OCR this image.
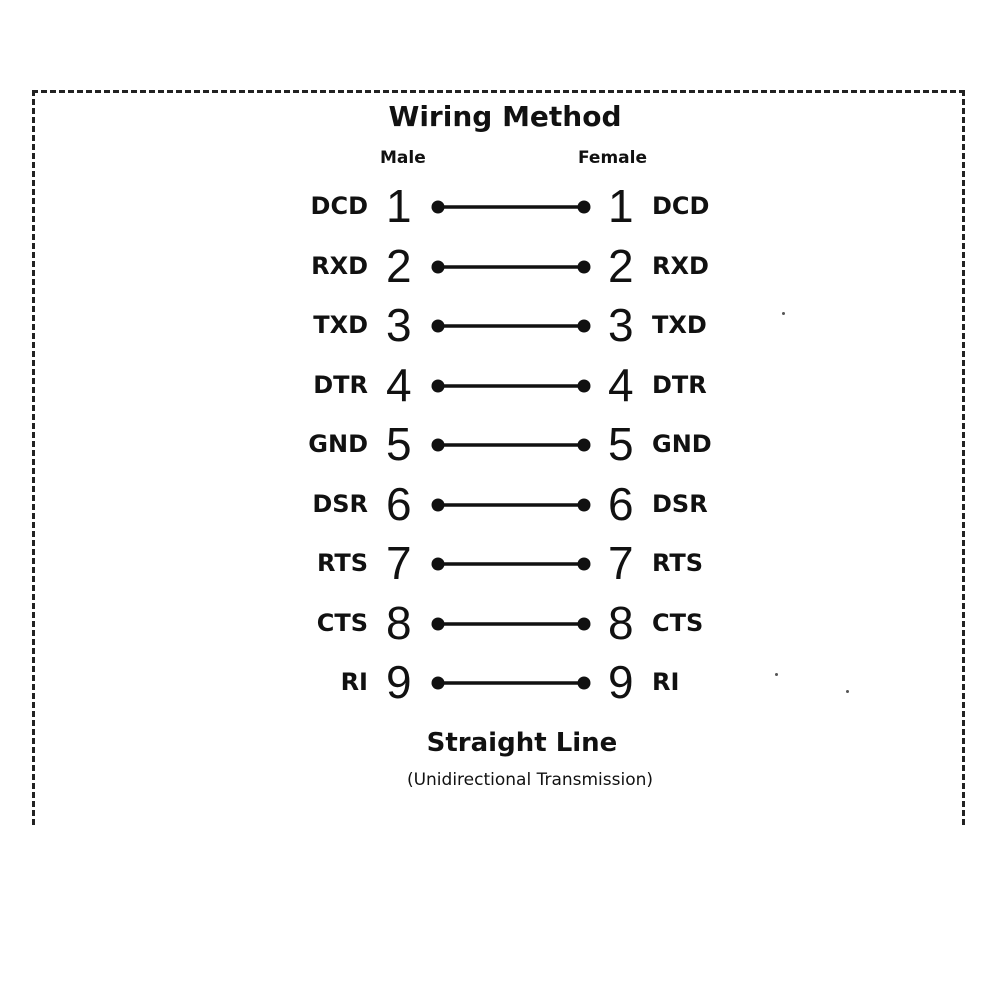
Wiring Method
Male	Female
DCD 1	1 DCD
RXD 2	2 RXD
TXD 3	3 TXD
DTR 4	4 DTR
GND 5	5 GND
DSR 6	6 DSR
RTS 7	7 RTS
CTS 8	8 CTS
RI 9	9 RI
Straight Line
(Unidirectional Transmission)
